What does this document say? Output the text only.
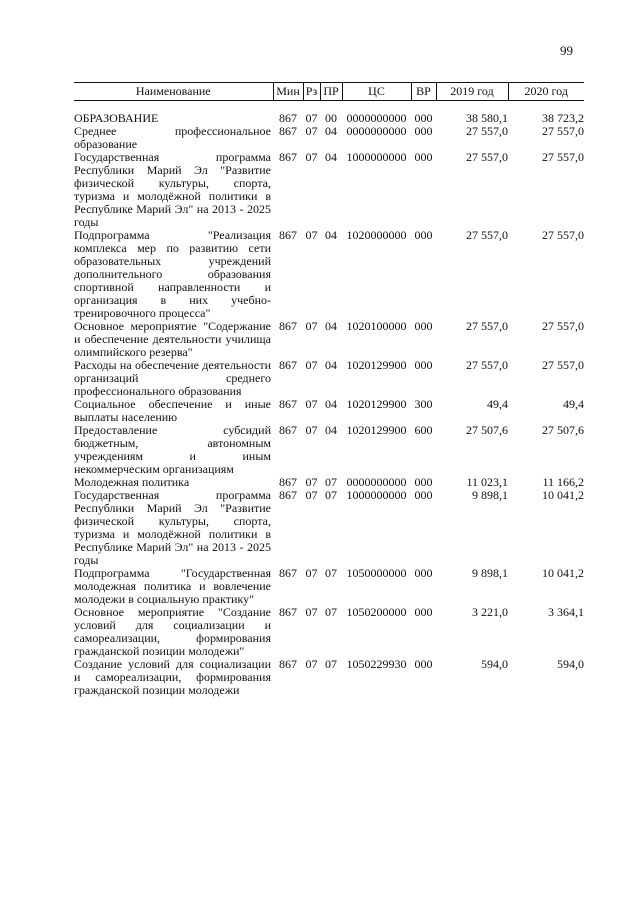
99
Наименование	Мин	Рз	ПР	ЦС	ВР	2019 год	2020 год
ОБРАЗОВАНИЕ	867	07	00	0000000000	000	38 580,1	38 723,2
Среднее профессиональное образование	867	07	04	0000000000	000	27 557,0	27 557,0
Государственная программа Республики Марий Эл "Развитие физической культуры, спорта, туризма и молодёжной политики в Республике Марий Эл" на 2013 - 2025 годы	867	07	04	1000000000	000	27 557,0	27 557,0
Подпрограмма "Реализация комплекса мер по развитию сети образовательных учреждений дополнительного образования спортивной направленности и организация в них учебно-тренировочного процесса"	867	07	04	1020000000	000	27 557,0	27 557,0
Основное мероприятие "Содержание и обеспечение деятельности училища олимпийского резерва"	867	07	04	1020100000	000	27 557,0	27 557,0
Расходы на обеспечение деятельности организаций среднего профессионального образования	867	07	04	1020129900	000	27 557,0	27 557,0
Социальное обеспечение и иные выплаты населению	867	07	04	1020129900	300	49,4	49,4
Предоставление субсидий бюджетным, автономным учреждениям и иным некоммерческим организациям	867	07	04	1020129900	600	27 507,6	27 507,6
Молодежная политика	867	07	07	0000000000	000	11 023,1	11 166,2
Государственная программа Республики Марий Эл "Развитие физической культуры, спорта, туризма и молодёжной политики в Республике Марий Эл" на 2013 - 2025 годы	867	07	07	1000000000	000	9 898,1	10 041,2
Подпрограмма "Государственная молодежная политика и вовлечение молодежи в социальную практику"	867	07	07	1050000000	000	9 898,1	10 041,2
Основное мероприятие "Создание условий для социализации и самореализации, формирования гражданской позиции молодежи"	867	07	07	1050200000	000	3 221,0	3 364,1
Создание условий для социализации и самореализации, формирования гражданской позиции молодежи	867	07	07	1050229930	000	594,0	594,0
